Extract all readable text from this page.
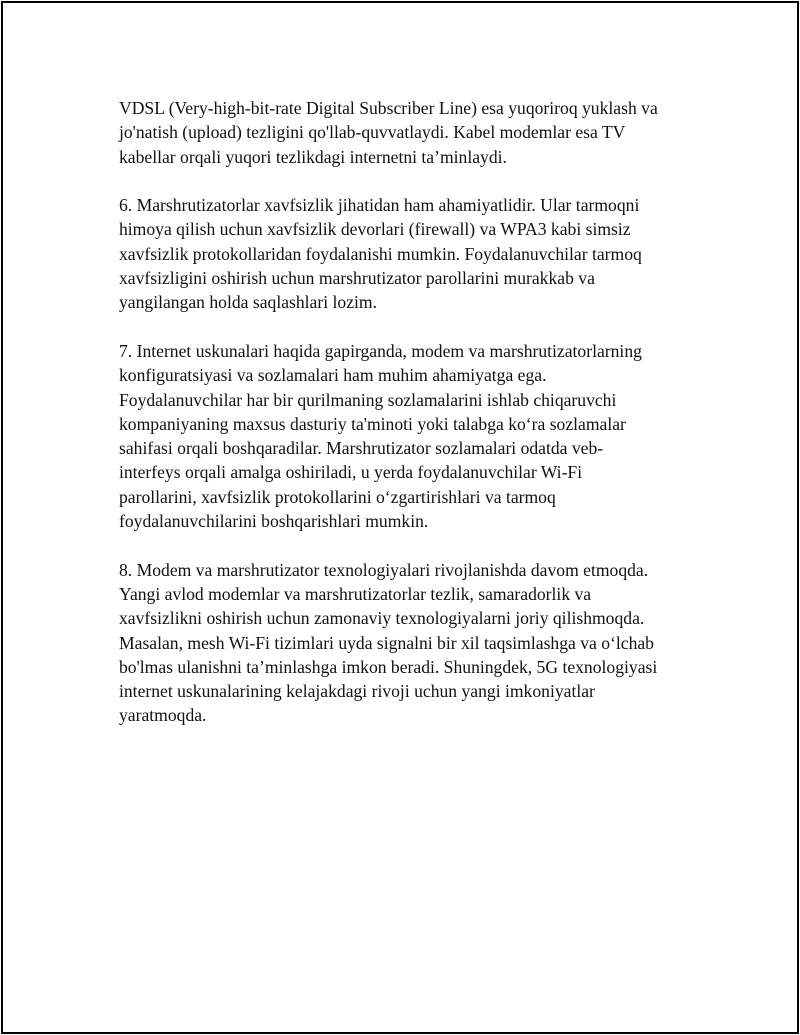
VDSL (Very-high-bit-rate Digital Subscriber Line) esa yuqoriroq yuklash va
jo'natish (upload) tezligini qo'llab-quvvatlaydi. Kabel modemlar esa TV
kabellar orqali yuqori tezlikdagi internetni ta’minlaydi.

6. Marshrutizatorlar xavfsizlik jihatidan ham ahamiyatlidir. Ular tarmoqni
himoya qilish uchun xavfsizlik devorlari (firewall) va WPA3 kabi simsiz
xavfsizlik protokollaridan foydalanishi mumkin. Foydalanuvchilar tarmoq
xavfsizligini oshirish uchun marshrutizator parollarini murakkab va
yangilangan holda saqlashlari lozim.

7. Internet uskunalari haqida gapirganda, modem va marshrutizatorlarning
konfiguratsiyasi va sozlamalari ham muhim ahamiyatga ega.
Foydalanuvchilar har bir qurilmaning sozlamalarini ishlab chiqaruvchi
kompaniyaning maxsus dasturiy ta'minoti yoki talabga ko‘ra sozlamalar
sahifasi orqali boshqaradilar. Marshrutizator sozlamalari odatda veb-
interfeys orqali amalga oshiriladi, u yerda foydalanuvchilar Wi-Fi
parollarini, xavfsizlik protokollarini o‘zgartirishlari va tarmoq
foydalanuvchilarini boshqarishlari mumkin.

8. Modem va marshrutizator texnologiyalari rivojlanishda davom etmoqda.
Yangi avlod modemlar va marshrutizatorlar tezlik, samaradorlik va
xavfsizlikni oshirish uchun zamonaviy texnologiyalarni joriy qilishmoqda.
Masalan, mesh Wi-Fi tizimlari uyda signalni bir xil taqsimlashga va o‘lchab
bo'lmas ulanishni ta’minlashga imkon beradi. Shuningdek, 5G texnologiyasi
internet uskunalarining kelajakdagi rivoji uchun yangi imkoniyatlar
yaratmoqda.
